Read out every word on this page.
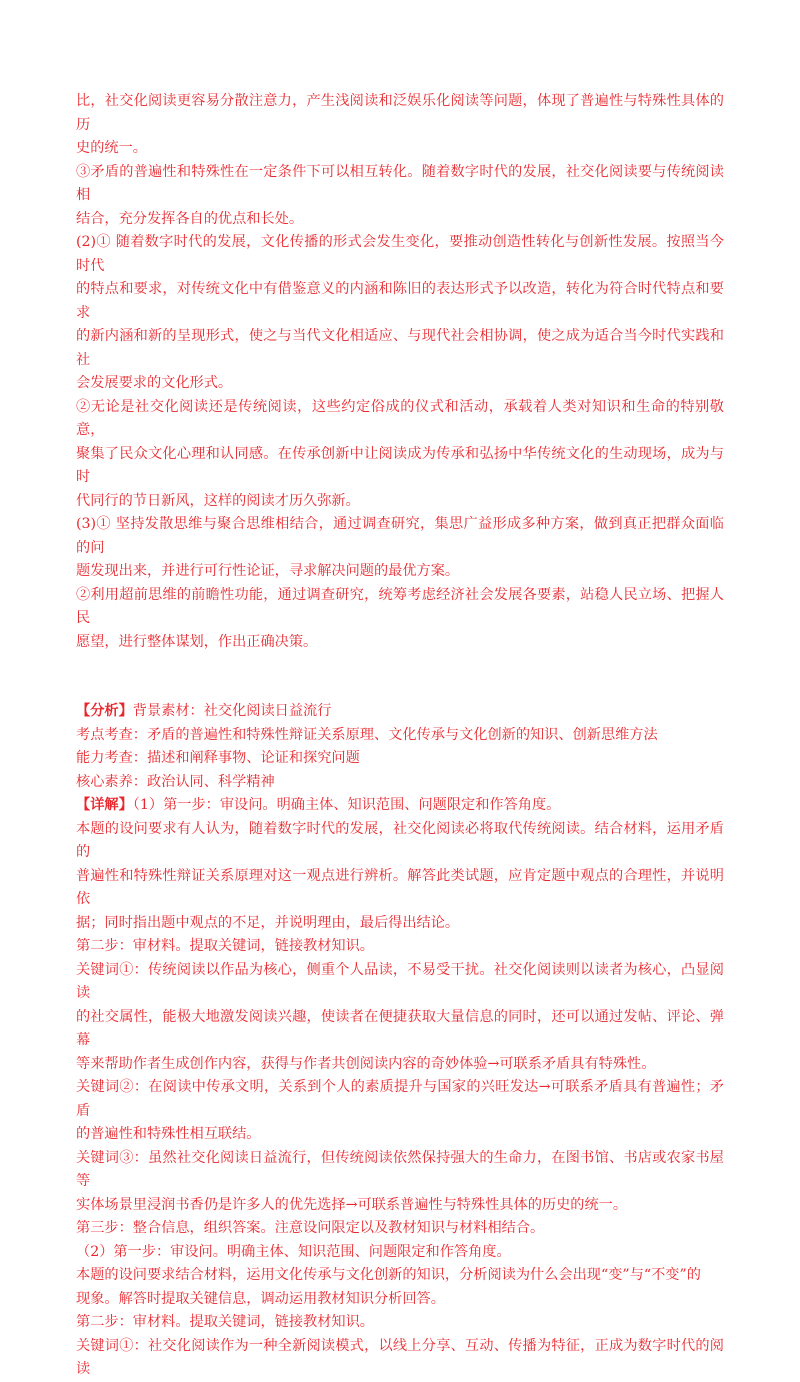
比，社交化阅读更容易分散注意力，产生浅阅读和泛娱乐化阅读等问题，体现了普遍性与特殊性具体的历

史的统一。

③矛盾的普遍性和特殊性在一定条件下可以相互转化。随着数字时代的发展，社交化阅读要与传统阅读相

结合，充分发挥各自的优点和长处。

(2)① 随着数字时代的发展，文化传播的形式会发生变化，要推动创造性转化与创新性发展。按照当今时代

的特点和要求，对传统文化中有借鉴意义的内涵和陈旧的表达形式予以改造，转化为符合时代特点和要求

的新内涵和新的呈现形式，使之与当代文化相适应、与现代社会相协调，使之成为适合当今时代实践和社

会发展要求的文化形式。

②无论是社交化阅读还是传统阅读，这些约定俗成的仪式和活动，承载着人类对知识和生命的特别敬意，

聚集了民众文化心理和认同感。在传承创新中让阅读成为传承和弘扬中华传统文化的生动现场，成为与时

代同行的节日新风，这样的阅读才历久弥新。

(3)① 坚持发散思维与聚合思维相结合，通过调查研究，集思广益形成多种方案，做到真正把群众面临的问

题发现出来，并进行可行性论证，寻求解决问题的最优方案。

②利用超前思维的前瞻性功能，通过调查研究，统筹考虑经济社会发展各要素，站稳人民立场、把握人民

愿望，进行整体谋划，作出正确决策。

【分析】背景素材：社交化阅读日益流行

考点考查：矛盾的普遍性和特殊性辩证关系原理、文化传承与文化创新的知识、创新思维方法

能力考查：描述和阐释事物、论证和探究问题

核心素养：政治认同、科学精神

【详解】（1）第一步：审设问。明确主体、知识范围、问题限定和作答角度。

本题的设问要求有人认为，随着数字时代的发展，社交化阅读必将取代传统阅读。结合材料，运用矛盾的

普遍性和特殊性辩证关系原理对这一观点进行辨析。解答此类试题，应肯定题中观点的合理性，并说明依

据；同时指出题中观点的不足，并说明理由，最后得出结论。

第二步：审材料。提取关键词，链接教材知识。

关键词①：传统阅读以作品为核心，侧重个人品读，不易受干扰。社交化阅读则以读者为核心，凸显阅读

的社交属性，能极大地激发阅读兴趣，使读者在便捷获取大量信息的同时，还可以通过发帖、评论、弹幕

等来帮助作者生成创作内容，获得与作者共创阅读内容的奇妙体验→可联系矛盾具有特殊性。

关键词②：在阅读中传承文明，关系到个人的素质提升与国家的兴旺发达→可联系矛盾具有普遍性；矛盾

的普遍性和特殊性相互联结。

关键词③：虽然社交化阅读日益流行，但传统阅读依然保持强大的生命力，在图书馆、书店或农家书屋等

实体场景里浸润书香仍是许多人的优先选择→可联系普遍性与特殊性具体的历史的统一。

第三步：整合信息，组织答案。注意设问限定以及教材知识与材料相结合。

（2）第一步：审设问。明确主体、知识范围、问题限定和作答角度。

本题的设问要求结合材料，运用文化传承与文化创新的知识，分析阅读为什么会出现“变”与“不变”的

现象。解答时提取关键信息，调动运用教材知识分析回答。

第二步：审材料。提取关键词，链接教材知识。

关键词①：社交化阅读作为一种全新阅读模式，以线上分享、互动、传播为特征，正成为数字时代的阅读
